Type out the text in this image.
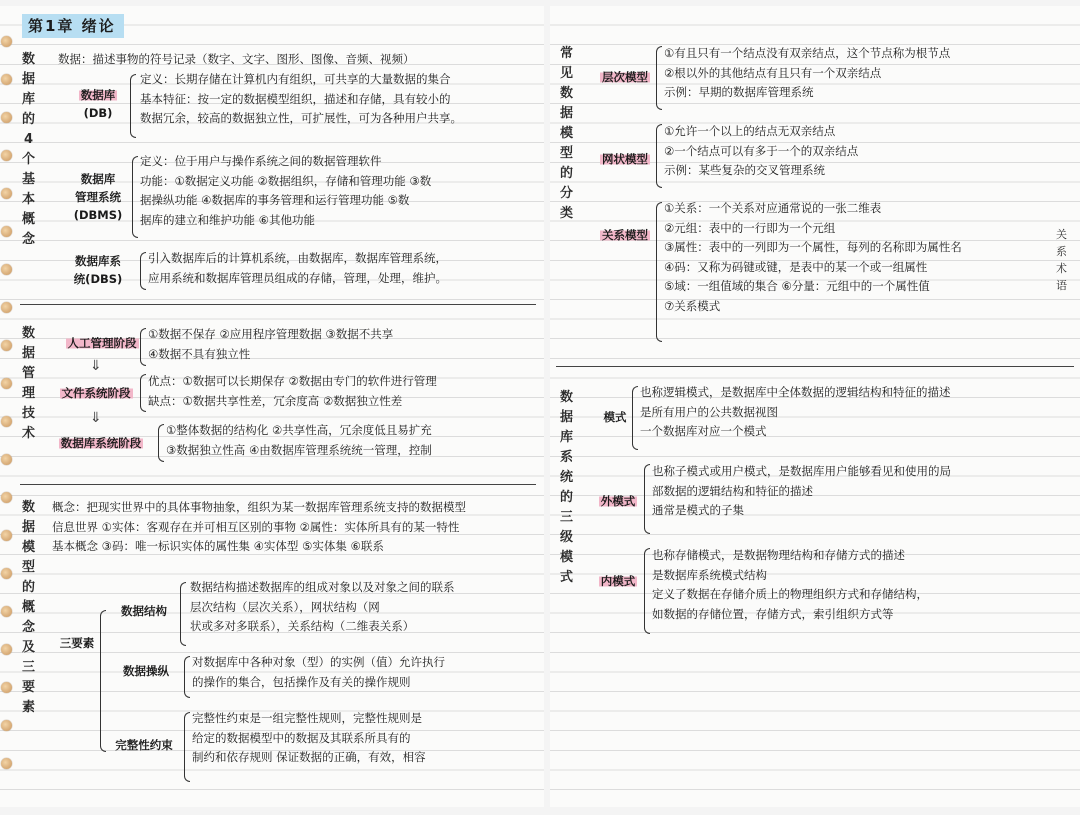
第1章 绪论
数
据
库
的
4
个
基
本
概
念
数据：描述事物的符号记录（数字、文字、图形、图像、音频、视频）
数据库
(DB)
定义：长期存储在计算机内有组织，可共享的大量数据的集合
基本特征：按一定的数据模型组织，描述和存储，具有较小的
数据冗余，较高的数据独立性，可扩展性，可为各种用户共享。
数据库
管理系统
(DBMS)
定义：位于用户与操作系统之间的数据管理软件
功能：①数据定义功能 ②数据组织，存储和管理功能 ③数
据操纵功能 ④数据库的事务管理和运行管理功能 ⑤数
据库的建立和维护功能 ⑥其他功能
数据库系
统(DBS)
引入数据库后的计算机系统，由数据库，数据库管理系统，
应用系统和数据库管理员组成的存储，管理，处理，维护。
数
据
管
理
技
术
人工管理阶段
①数据不保存 ②应用程序管理数据 ③数据不共享
④数据不具有独立性
⇓
文件系统阶段
优点：①数据可以长期保存 ②数据由专门的软件进行管理
缺点：①数据共享性差，冗余度高 ②数据独立性差
⇓
数据库系统阶段
①整体数据的结构化 ②共享性高，冗余度低且易扩充
③数据独立性高 ④由数据库管理系统统一管理，控制
数
据
模
型
的
概
念
及
三
要
素
概念：把现实世界中的具体事物抽象，组织为某一数据库管理系统支持的数据模型
信息世界 ①实体：客观存在并可相互区别的事物 ②属性：实体所具有的某一特性
基本概念 ③码：唯一标识实体的属性集 ④实体型 ⑤实体集 ⑥联系
三要素
数据结构
数据结构描述数据库的组成对象以及对象之间的联系
层次结构（层次关系），网状结构（网
状或多对多联系），关系结构（二维表关系）
数据操纵
对数据库中各种对象（型）的实例（值）允许执行
的操作的集合，包括操作及有关的操作规则
完整性约束
完整性约束是一组完整性规则，完整性规则是
给定的数据模型中的数据及其联系所具有的
制约和依存规则 保证数据的正确，有效，相容
常
见
数
据
模
型
的
分
类
层次模型
①有且只有一个结点没有双亲结点，这个节点称为根节点
②根以外的其他结点有且只有一个双亲结点
示例：早期的数据库管理系统
网状模型
①允许一个以上的结点无双亲结点
②一个结点可以有多于一个的双亲结点
示例：某些复杂的交叉管理系统
关系模型
①关系：一个关系对应通常说的一张二维表
②元组：表中的一行即为一个元组
③属性：表中的一列即为一个属性，每列的名称即为属性名
④码：又称为码键或键，是表中的某一个或一组属性
⑤域：一组值域的集合 ⑥分量：元组中的一个属性值
⑦关系模式
关
系
术
语
数
据
库
系
统
的
三
级
模
式
模式
也称逻辑模式，是数据库中全体数据的逻辑结构和特征的描述
是所有用户的公共数据视图
一个数据库对应一个模式
外模式
也称子模式或用户模式，是数据库用户能够看见和使用的局
部数据的逻辑结构和特征的描述
通常是模式的子集
内模式
也称存储模式，是数据物理结构和存储方式的描述
是数据库系统模式结构
定义了数据在存储介质上的物理组织方式和存储结构，
如数据的存储位置，存储方式，索引组织方式等
